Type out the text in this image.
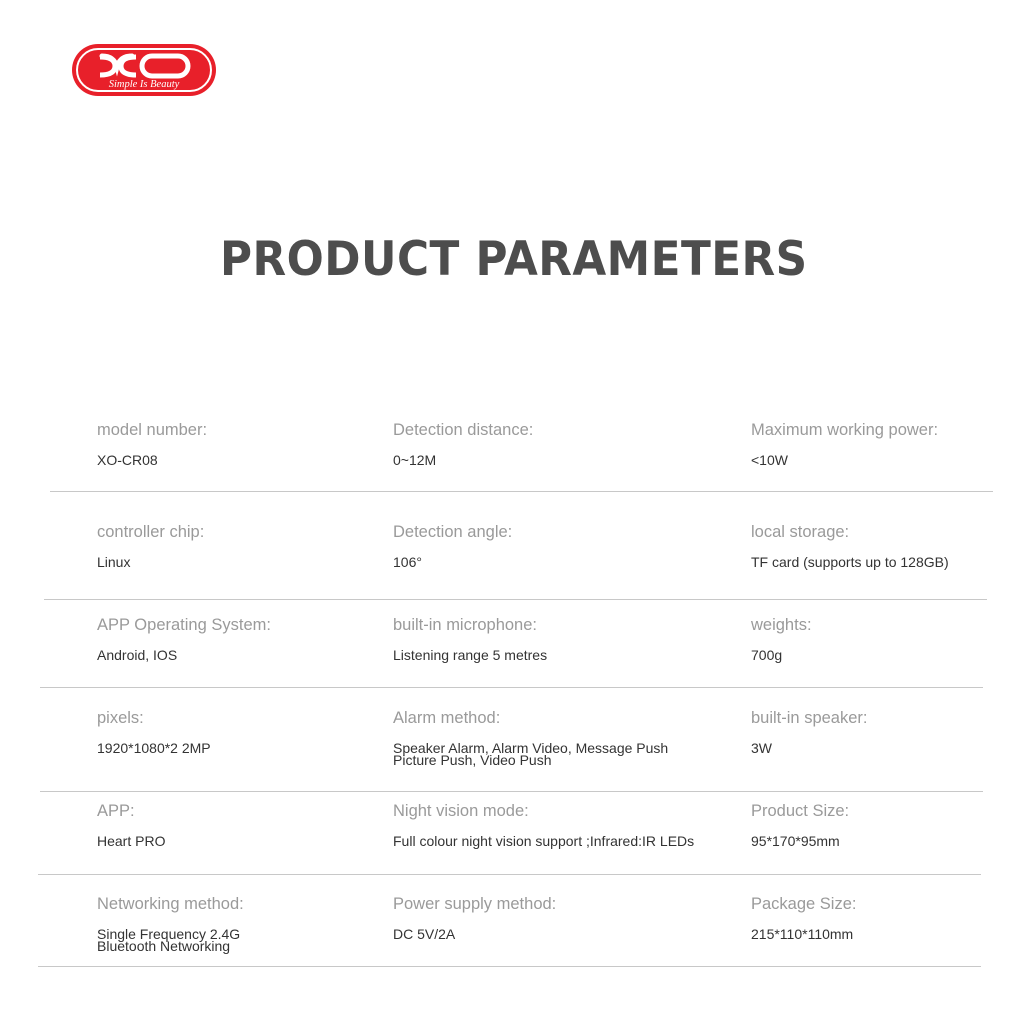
Simple Is Beauty
PRODUCT PARAMETERS
model number:
XO-CR08
Detection distance:
0~12M
Maximum working power:
<10W
controller chip:
Linux
Detection angle:
106°
local storage:
TF card (supports up to 128GB)
APP Operating System:
Android, IOS
built-in microphone:
Listening range 5 metres
weights:
700g
pixels:
1920*1080*2 2MP
Alarm method:
Speaker Alarm, Alarm Video, Message Push
Picture Push, Video Push
built-in speaker:
3W
APP:
Heart PRO
Night vision mode:
Full colour night vision support ;Infrared:IR LEDs
Product Size:
95*170*95mm
Networking method:
Single Frequency 2.4G
Bluetooth Networking
Power supply method:
DC 5V/2A
Package Size:
215*110*110mm
